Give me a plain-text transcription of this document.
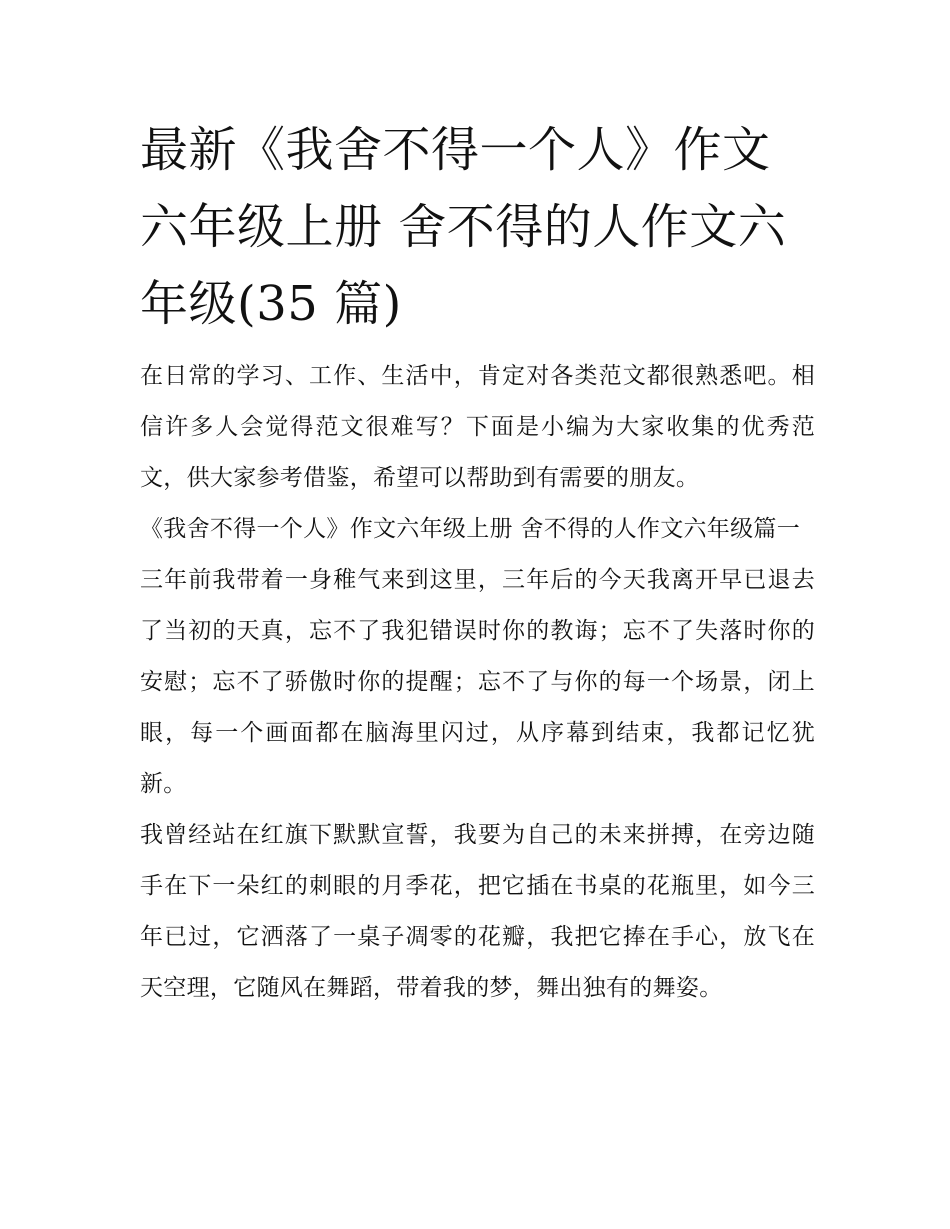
最新《我舍不得一个人》作文六年级上册 舍不得的人作文六年级(35 篇)

在日常的学习、工作、生活中，肯定对各类范文都很熟悉吧。相信许多人会觉得范文很难写？下面是小编为大家收集的优秀范文，供大家参考借鉴，希望可以帮助到有需要的朋友。

《我舍不得一个人》作文六年级上册 舍不得的人作文六年级篇一

三年前我带着一身稚气来到这里，三年后的今天我离开早已退去了当初的天真，忘不了我犯错误时你的教诲；忘不了失落时你的安慰；忘不了骄傲时你的提醒；忘不了与你的每一个场景，闭上眼，每一个画面都在脑海里闪过，从序幕到结束，我都记忆犹新。

我曾经站在红旗下默默宣誓，我要为自己的未来拼搏，在旁边随手在下一朵红的刺眼的月季花，把它插在书桌的花瓶里，如今三年已过，它洒落了一桌子凋零的花瓣，我把它捧在手心，放飞在天空理，它随风在舞蹈，带着我的梦，舞出独有的舞姿。
